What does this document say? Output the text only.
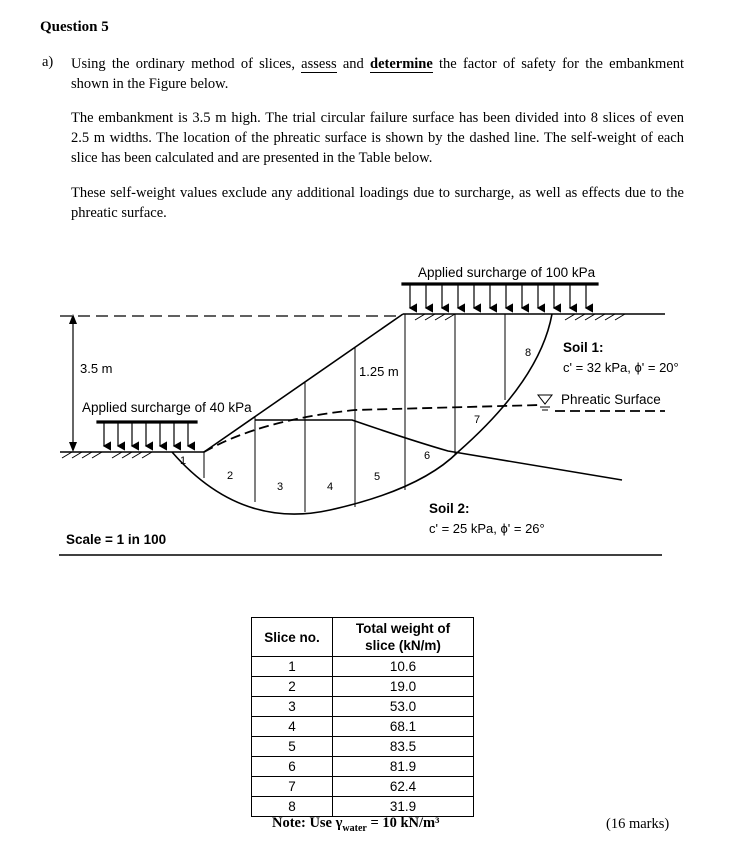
Question 5
a) Using the ordinary method of slices, assess and determine the factor of safety for the embankment shown in the Figure below.
The embankment is 3.5 m high. The trial circular failure surface has been divided into 8 slices of even 2.5 m widths. The location of the phreatic surface is shown by the dashed line. The self-weight of each slice has been calculated and are presented in the Table below.
These self-weight values exclude any additional loadings due to surcharge, as well as effects due to the phreatic surface.
Applied surcharge of 100 kPa
3.5 m
Applied surcharge of 40 kPa
1.25 m
Soil 1:
c' = 32 kPa, ϕ' = 20°
Phreatic Surface
Soil 2:
c' = 25 kPa, ϕ' = 26°
Scale = 1 in 100
1
2
3	4
5
6
7
8
Slice no.	Total weight of
slice (kN/m)
1	10.6
2	19.0
3	53.0
4	68.1
5	83.5
6	81.9
7	62.4
8	31.9
Note: Use $\gamma_{water} = 10$ kN/m³	(16 marks)
